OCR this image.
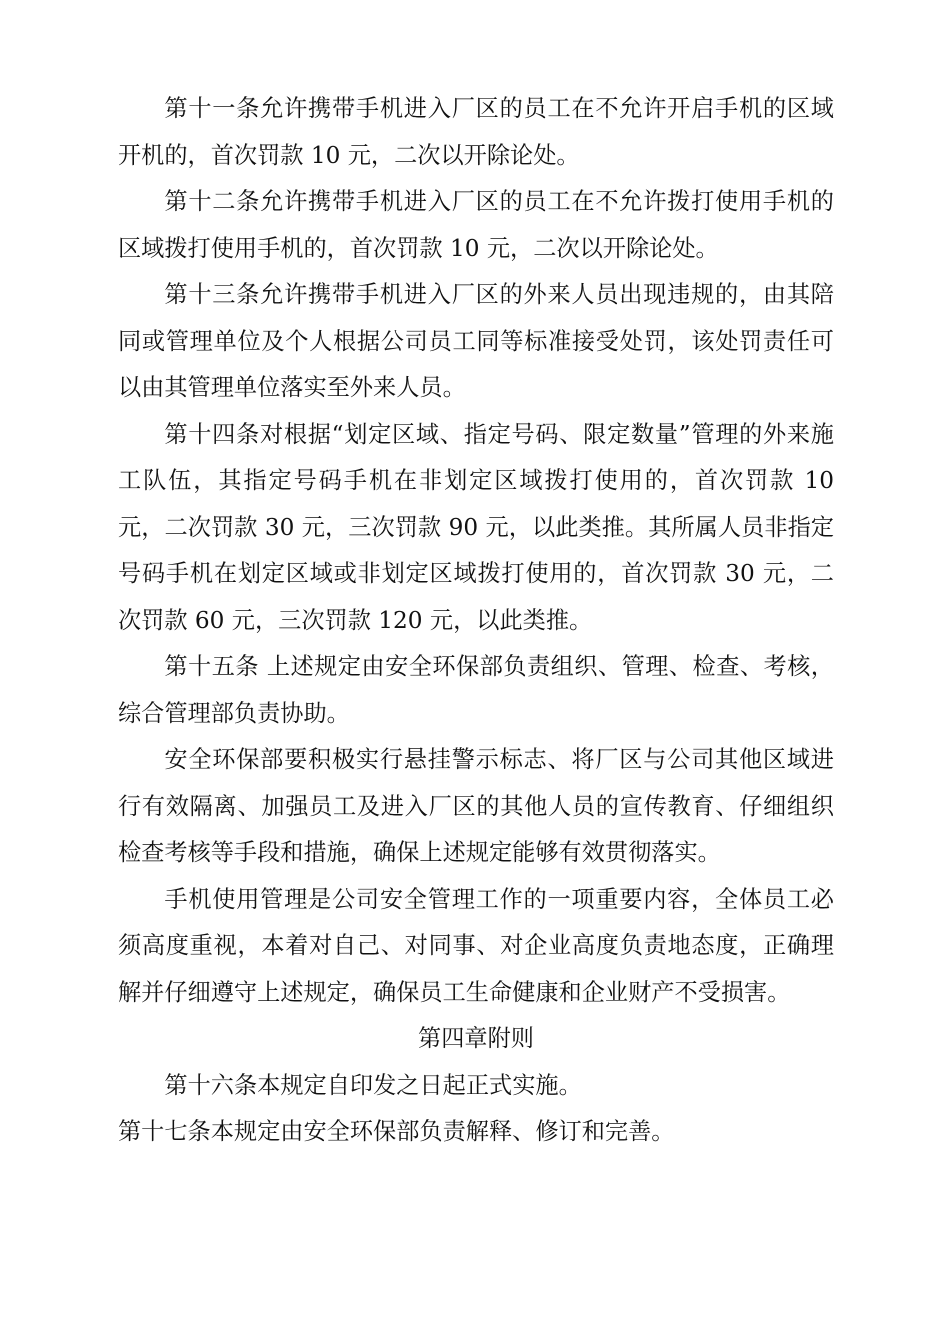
第十一条允许携带手机进入厂区的员工在不允许开启手机的区域开机的，首次罚款 10 元，二次以开除论处。

第十二条允许携带手机进入厂区的员工在不允许拨打使用手机的区域拨打使用手机的，首次罚款 10 元，二次以开除论处。

第十三条允许携带手机进入厂区的外来人员出现违规的，由其陪同或管理单位及个人根据公司员工同等标准接受处罚，该处罚责任可以由其管理单位落实至外来人员。

第十四条对根据“划定区域、指定号码、限定数量”管理的外来施工队伍，其指定号码手机在非划定区域拨打使用的，首次罚款 10 元，二次罚款 30 元，三次罚款 90 元，以此类推。其所属人员非指定号码手机在划定区域或非划定区域拨打使用的，首次罚款 30 元，二次罚款 60 元，三次罚款 120 元，以此类推。

第十五条 上述规定由安全环保部负责组织、管理、检查、考核，综合管理部负责协助。

安全环保部要积极实行悬挂警示标志、将厂区与公司其他区域进行有效隔离、加强员工及进入厂区的其他人员的宣传教育、仔细组织检查考核等手段和措施，确保上述规定能够有效贯彻落实。

手机使用管理是公司安全管理工作的一项重要内容，全体员工必须高度重视，本着对自己、对同事、对企业高度负责地态度，正确理解并仔细遵守上述规定，确保员工生命健康和企业财产不受损害。

第四章附则

第十六条本规定自印发之日起正式实施。

第十七条本规定由安全环保部负责解释、修订和完善。
